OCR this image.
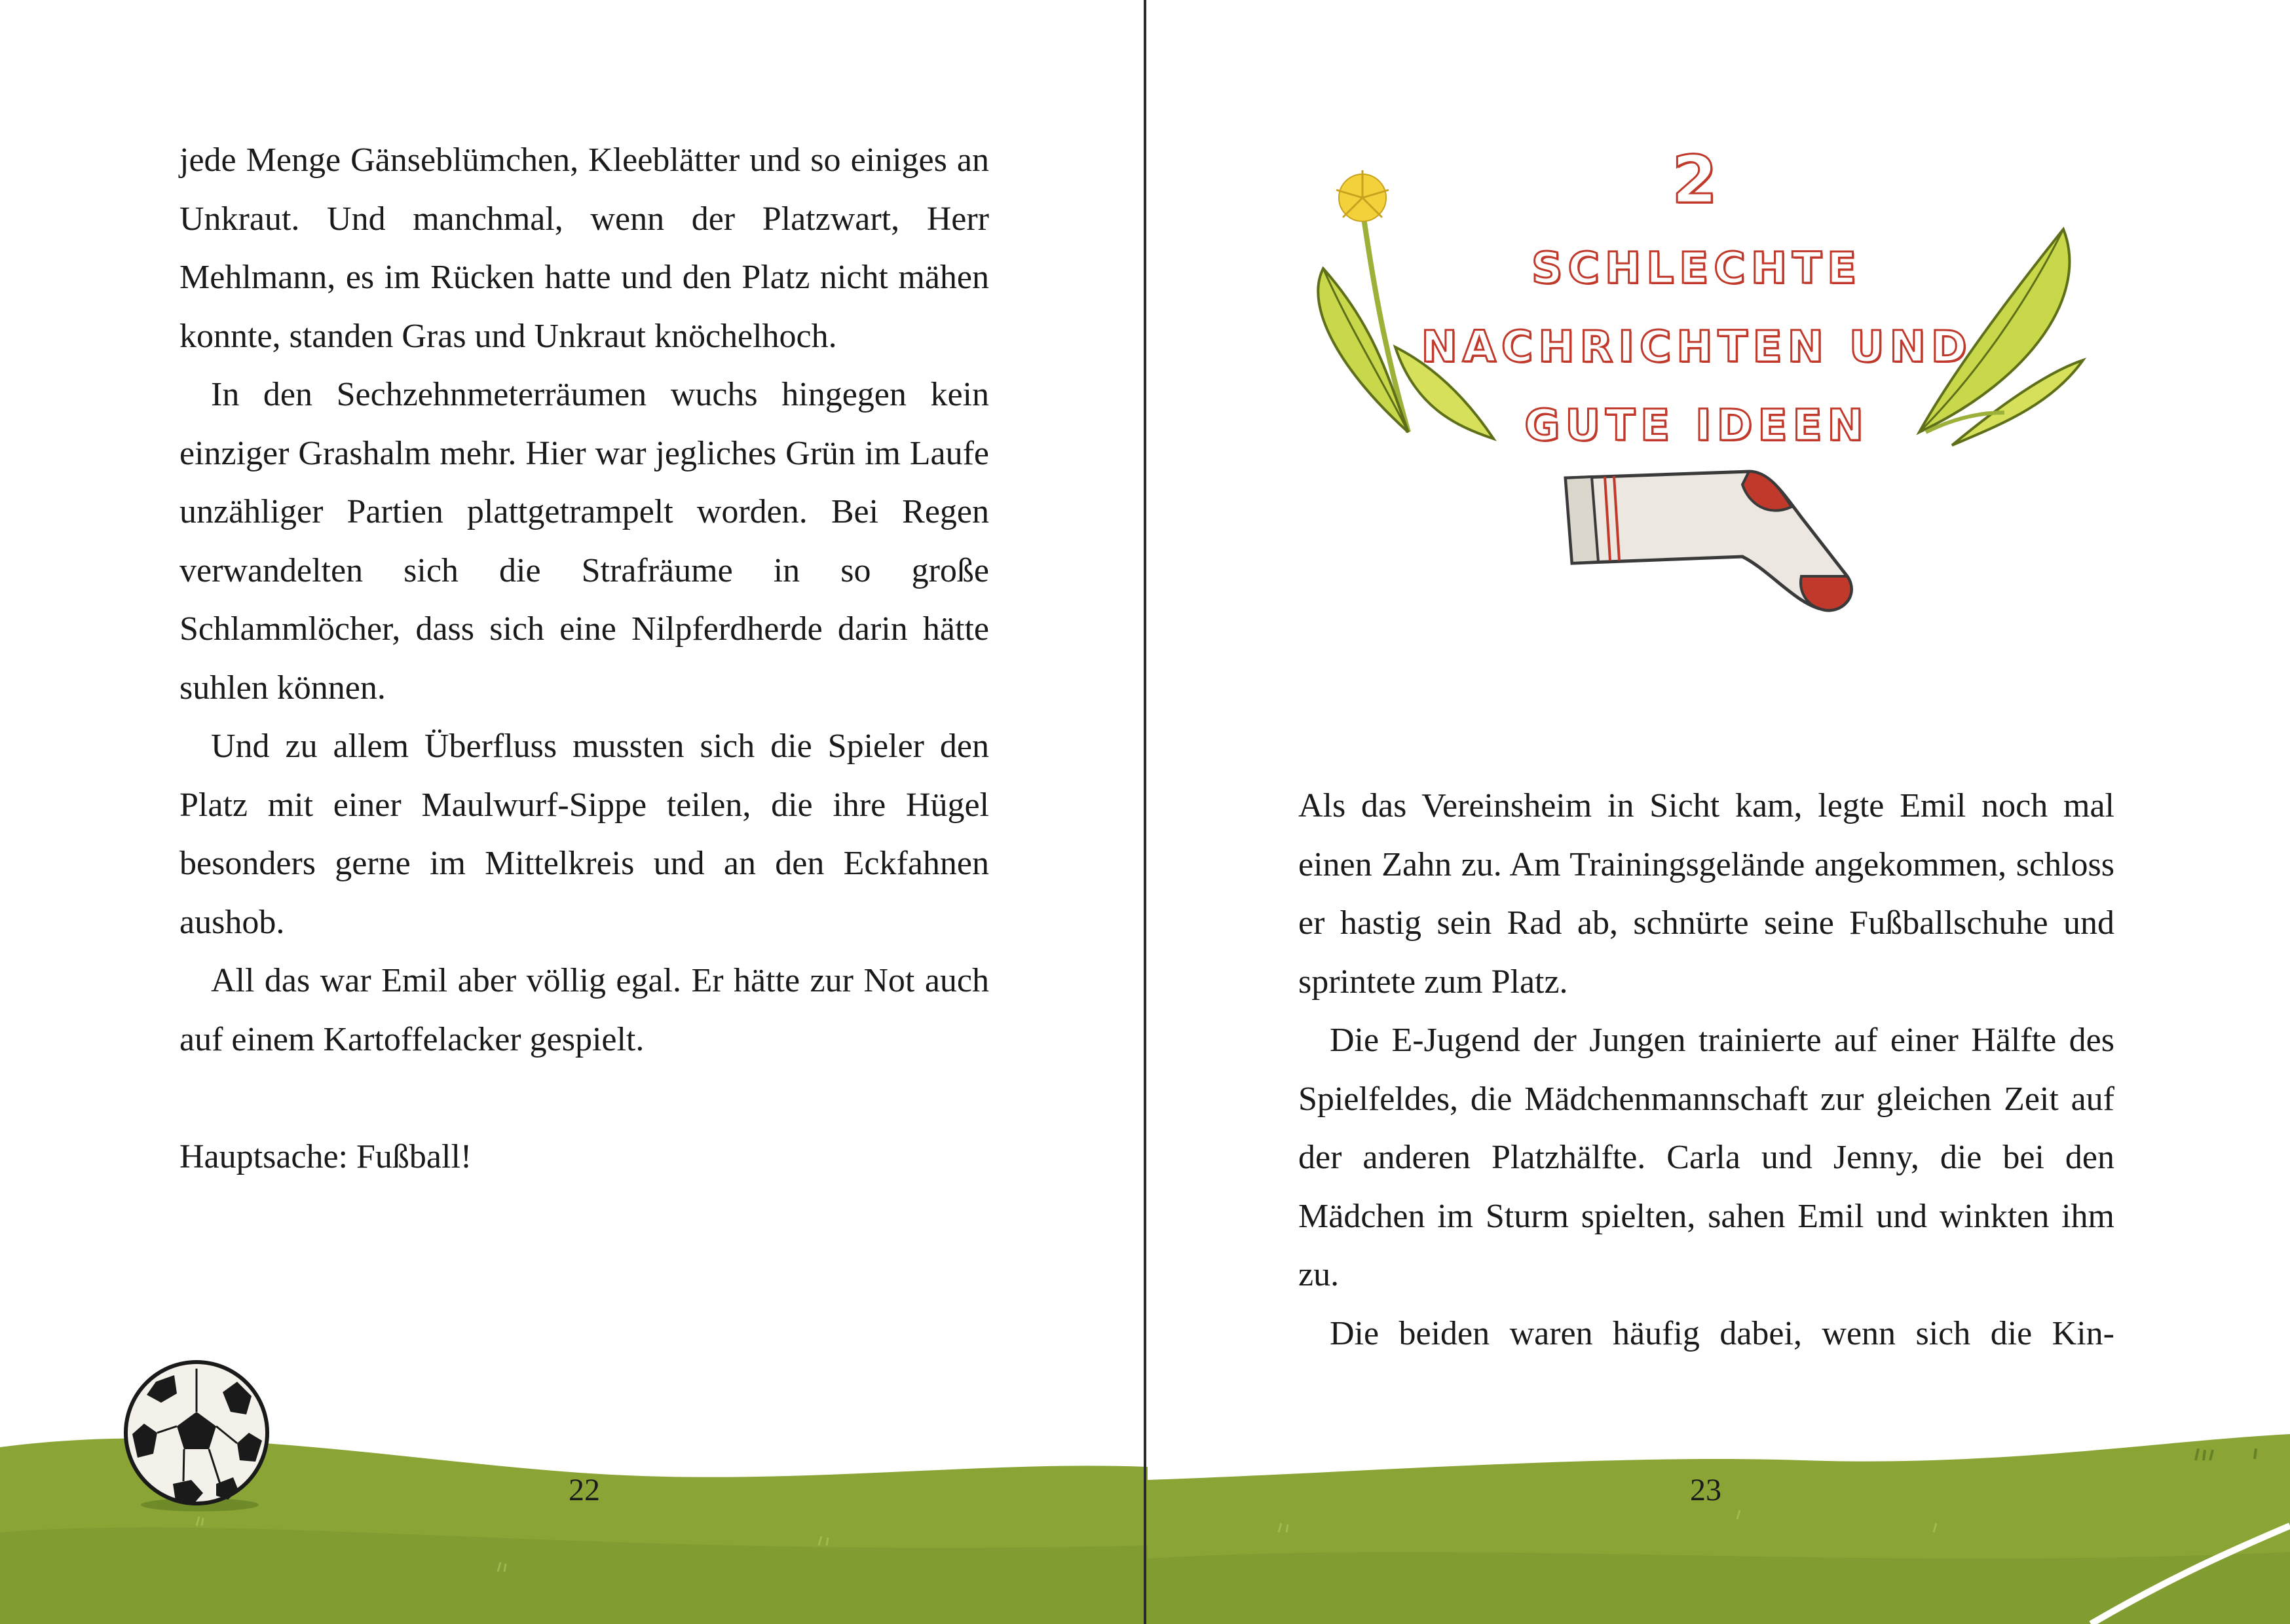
jede Menge Gänseblümchen, Kleeblätter und so einiges an Unkraut. Und manchmal, wenn der Platzwart, Herr Mehlmann, es im Rücken hatte und den Platz nicht mähen konnte, standen Gras und Unkraut knöchelhoch.

In den Sechzehnmeterräumen wuchs hingegen kein einziger Grashalm mehr. Hier war jegliches Grün im Laufe unzähliger Partien plattgetrampelt worden. Bei Regen verwandelten sich die Strafräume in so große Schlammlöcher, dass sich eine Nilpferdherde darin hätte suhlen können.

Und zu allem Überfluss mussten sich die Spieler den Platz mit einer Maulwurf-Sippe teilen, die ihre Hügel besonders gerne im Mittelkreis und an den Eckfahnen aushob.

All das war Emil aber völlig egal. Er hätte zur Not auch auf einem Kartoffelacker gespielt.

Hauptsache: Fußball!

22	23
2
SCHLECHTE
NACHRICHTEN UND
GUTE IDEEN

Als das Vereinsheim in Sicht kam, legte Emil noch mal einen Zahn zu. Am Trainingsgelände angekommen, schloss er hastig sein Rad ab, schnürte seine Fußballschuhe und sprintete zum Platz.

Die E-Jugend der Jungen trainierte auf einer Hälfte des Spielfeldes, die Mädchenmannschaft zur gleichen Zeit auf der anderen Platzhälfte. Carla und Jenny, die bei den Mädchen im Sturm spielten, sahen Emil und winkten ihm zu.

Die beiden waren häufig dabei, wenn sich die Kin-
